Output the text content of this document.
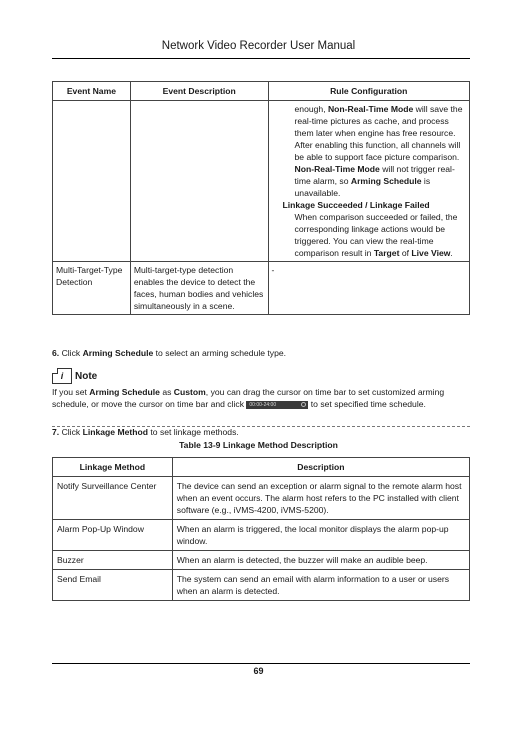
Network Video Recorder User Manual
Event Name	Event Description	Rule Configuration

		enough, Non-Real-Time Mode will save the real-time pictures as cache, and process them later when engine has free resource. After enabling this function, all channels will be able to support face picture comparison. Non-Real-Time Mode will not trigger real-time alarm, so Arming Schedule is unavailable.
Linkage Succeeded / Linkage Failed
When comparison succeeded or failed, the corresponding linkage actions would be triggered. You can view the real-time comparison result in Target of Live View.

Multi-Target-Type Detection	Multi-target-type detection enables the device to detect the faces, human bodies and vehicles simultaneously in a scene.	-
6. Click Arming Schedule to select an arming schedule type.
i	Note
If you set Arming Schedule as Custom, you can drag the cursor on time bar to set customized arming schedule, or move the cursor on time bar and click 00:00-24:00	to set specified time schedule.
7. Click Linkage Method to set linkage methods.
Table 13-9 Linkage Method Description
Linkage Method	Description
Notify Surveillance Center	The device can send an exception or alarm signal to the remote alarm host when an event occurs. The alarm host refers to the PC installed with client software (e.g., iVMS-4200, iVMS-5200).
Alarm Pop-Up Window	When an alarm is triggered, the local monitor displays the alarm pop-up window.
Buzzer	When an alarm is detected, the buzzer will make an audible beep.
Send Email	The system can send an email with alarm information to a user or users when an alarm is detected.
69
